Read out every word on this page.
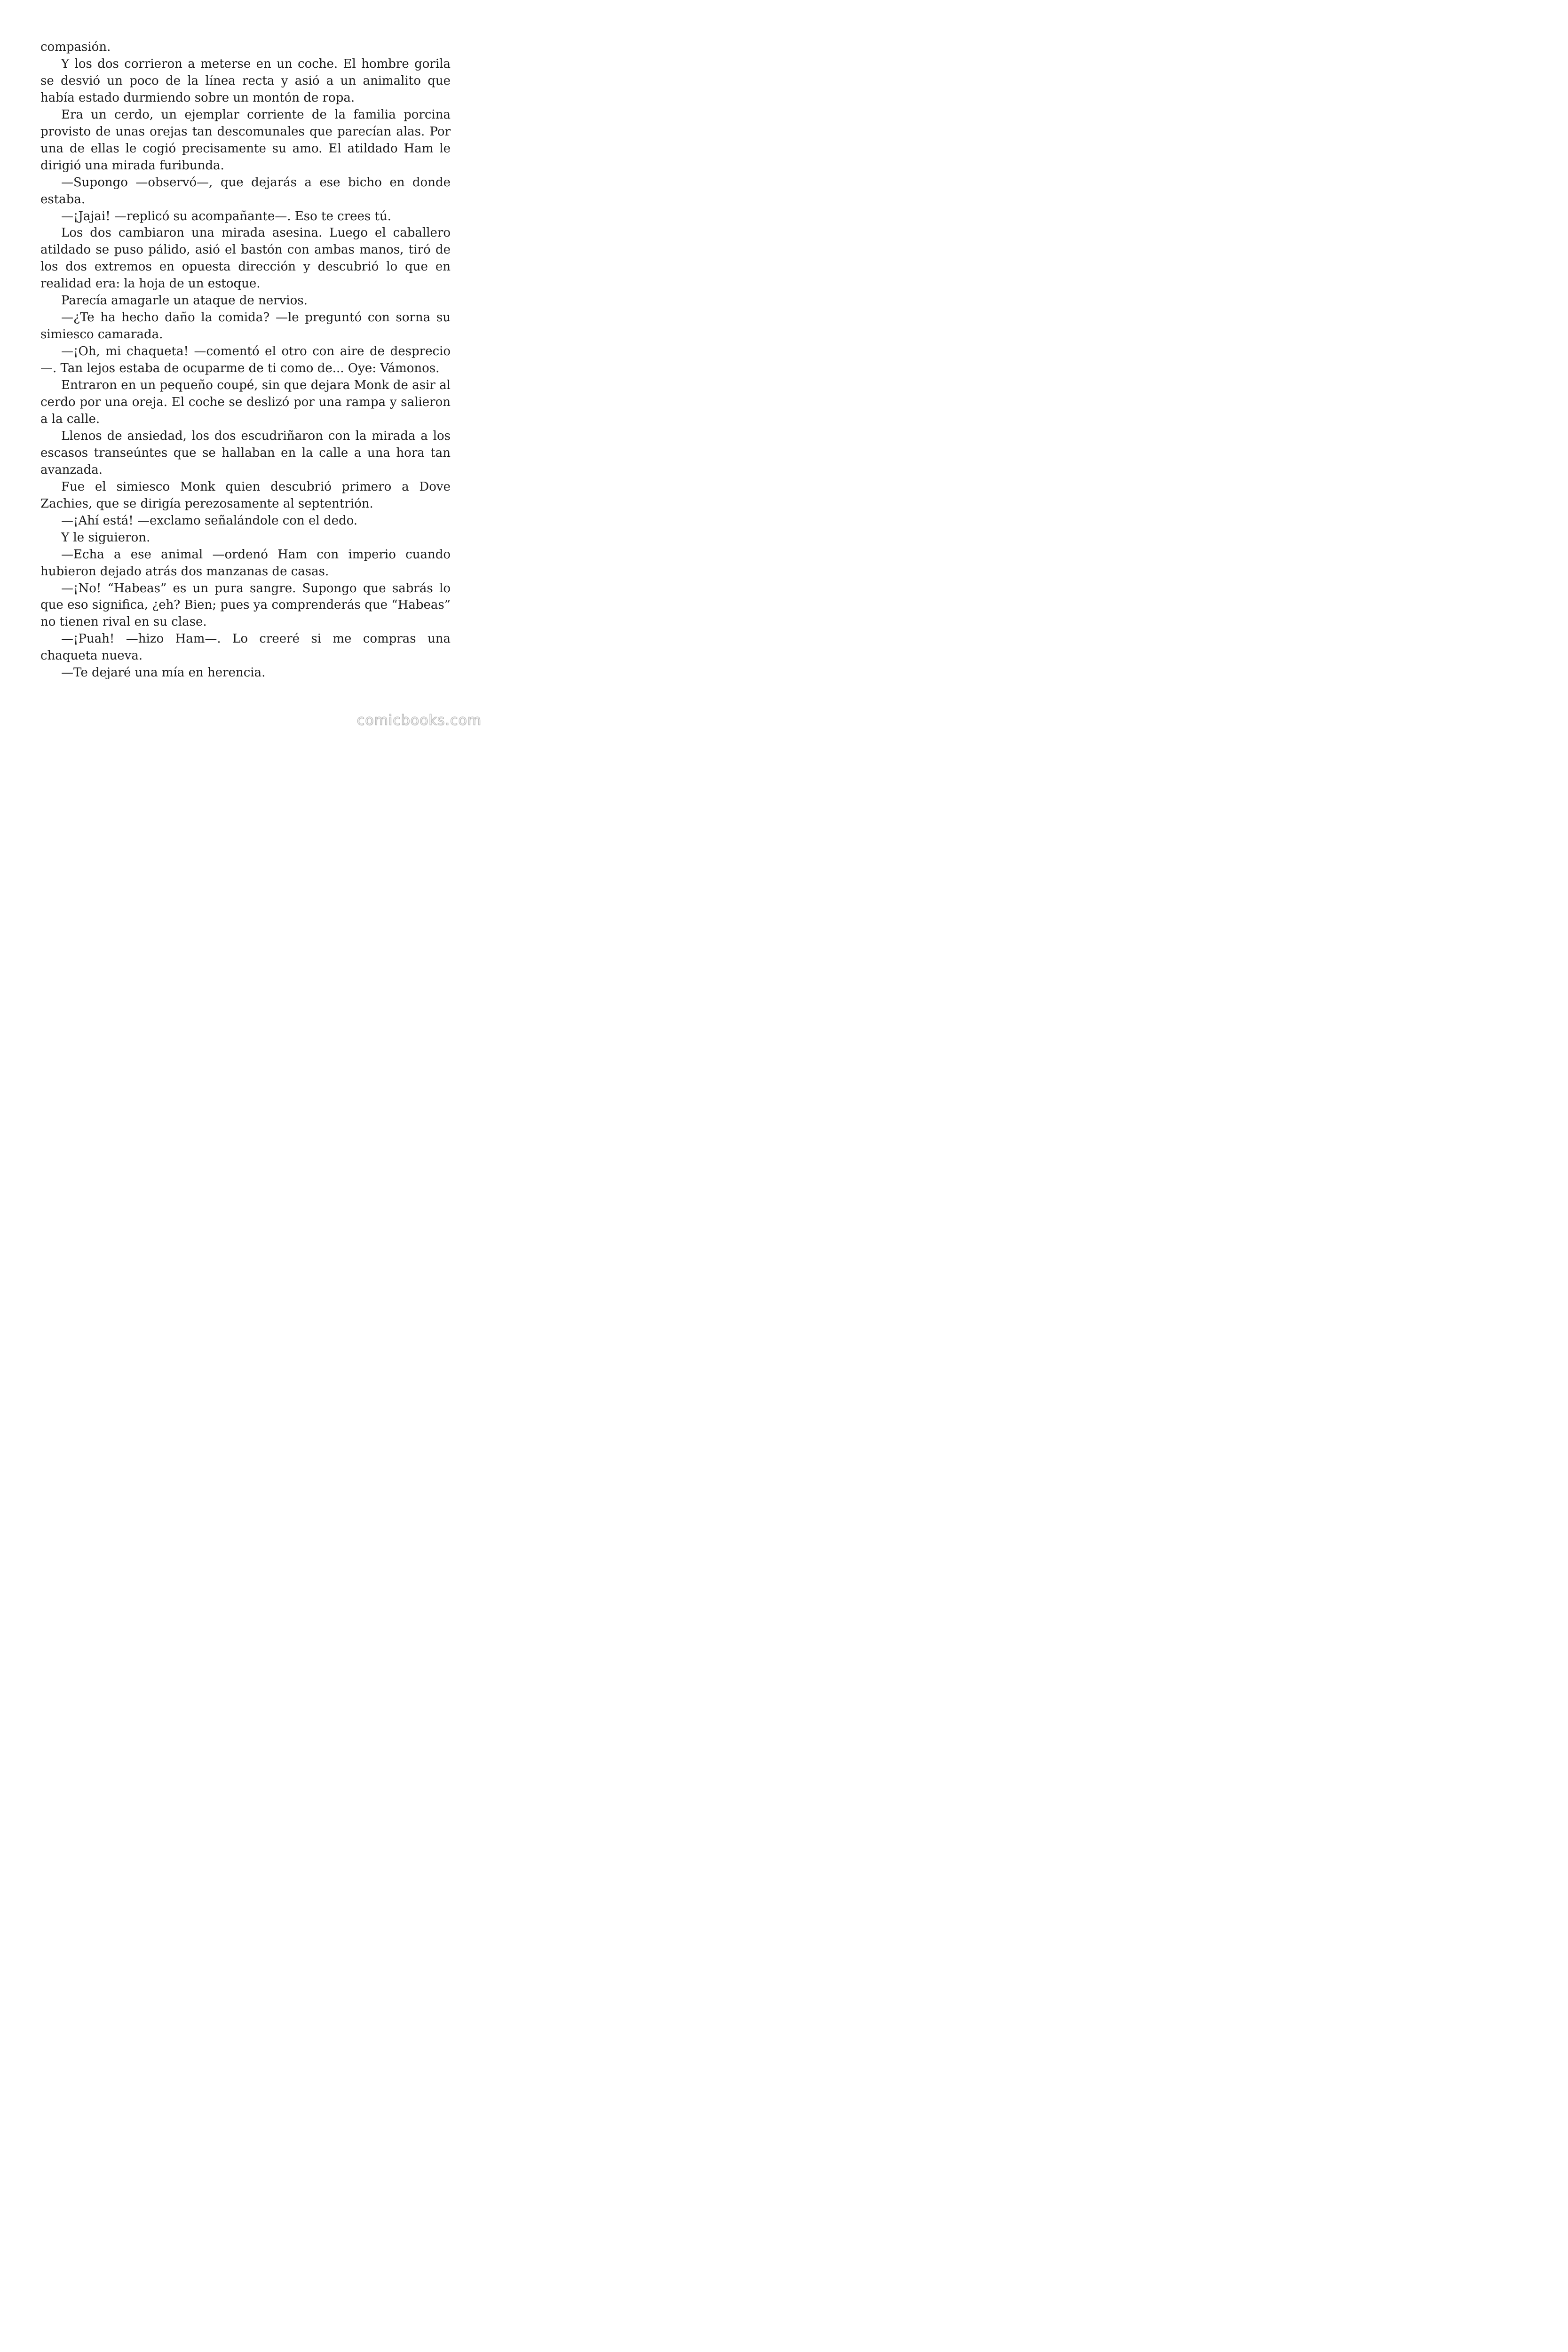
compasión.

Y los dos corrieron a meterse en un coche. El hombre gorila se desvió un poco de la línea recta y asió a un animalito que había estado durmiendo sobre un montón de ropa.

Era un cerdo, un ejemplar corriente de la familia porcina provisto de unas orejas tan descomunales que parecían alas. Por una de ellas le cogió precisamente su amo. El atildado Ham le dirigió una mirada furibunda.

—Supongo —observó—, que dejarás a ese bicho en donde estaba.

—¡Jajai! —replicó su acompañante—. Eso te crees tú.

Los dos cambiaron una mirada asesina. Luego el caballero atildado se puso pálido, asió el bastón con ambas manos, tiró de los dos extremos en opuesta dirección y descubrió lo que en realidad era: la hoja de un estoque.

Parecía amagarle un ataque de nervios.

—¿Te ha hecho daño la comida? —le preguntó con sorna su simiesco camarada.

—¡Oh, mi chaqueta! —comentó el otro con aire de desprecio—. Tan lejos estaba de ocuparme de ti como de... Oye: Vámonos.

Entraron en un pequeño coupé, sin que dejara Monk de asir al cerdo por una oreja. El coche se deslizó por una rampa y salieron a la calle.

Llenos de ansiedad, los dos escudriñaron con la mirada a los escasos transeúntes que se hallaban en la calle a una hora tan avanzada.

Fue el simiesco Monk quien descubrió primero a Dove Zachies, que se dirigía perezosamente al septentrión.

—¡Ahí está! —exclamo señalándole con el dedo.

Y le siguieron.

—Echa a ese animal —ordenó Ham con imperio cuando hubieron dejado atrás dos manzanas de casas.

—¡No! “Habeas” es un pura sangre. Supongo que sabrás lo que eso significa, ¿eh? Bien; pues ya comprenderás que “Habeas” no tienen rival en su clase.

—¡Puah! —hizo Ham—. Lo creeré si me compras una chaqueta nueva.

—Te dejaré una mía en herencia.

comicbooks.com
